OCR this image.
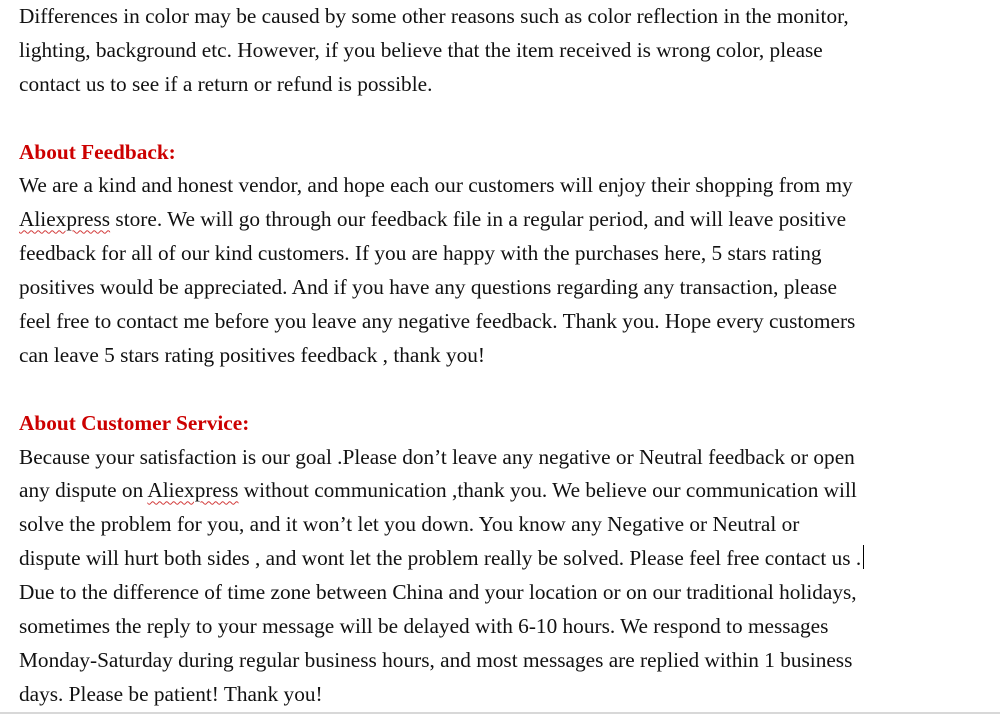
Differences in color may be caused by some other reasons such as color reflection in the monitor,
lighting, background etc. However, if you believe that the item received is wrong color, please
contact us to see if a return or refund is possible.
About Feedback:
We are a kind and honest vendor, and hope each our customers will enjoy their shopping from my
Aliexpress store. We will go through our feedback file in a regular period, and will leave positive
feedback for all of our kind customers. If you are happy with the purchases here, 5 stars rating
positives would be appreciated. And if you have any questions regarding any transaction, please
feel free to contact me before you leave any negative feedback. Thank you. Hope every customers
can leave 5 stars rating positives feedback , thank you!
About Customer Service:
Because your satisfaction is our goal .Please don’t leave any negative or Neutral feedback or open
any dispute on Aliexpress without communication ,thank you. We believe our communication will
solve the problem for you, and it won’t let you down. You know any Negative or Neutral or
dispute will hurt both sides , and wont let the problem really be solved. Please feel free contact us .
Due to the difference of time zone between China and your location or on our traditional holidays,
sometimes the reply to your message will be delayed with 6-10 hours. We respond to messages
Monday-Saturday during regular business hours, and most messages are replied within 1 business
days. Please be patient! Thank you!
